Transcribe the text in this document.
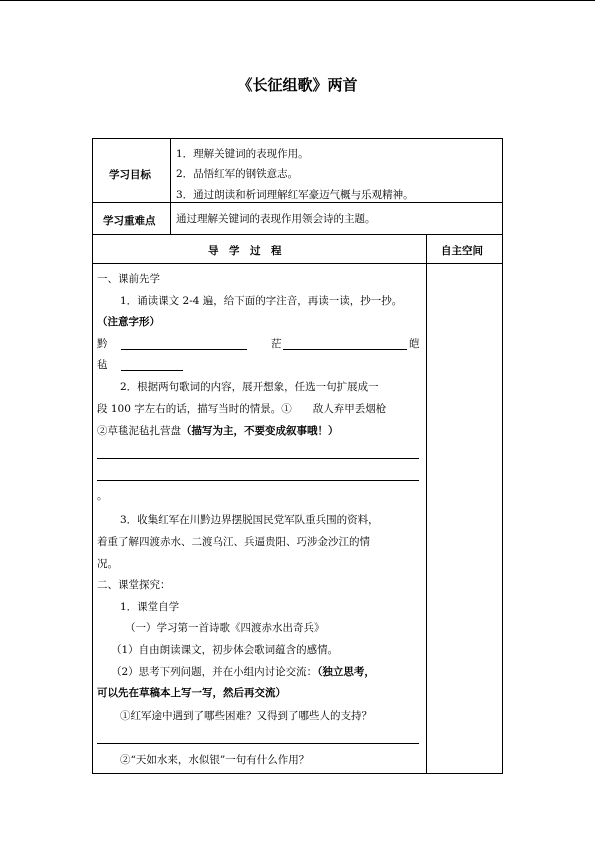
《长征组歌》两首
学习目标
1．理解关键词的表现作用。
2．品悟红军的钢铁意志。
3．通过朗读和析词理解红军豪迈气概与乐观精神。
学习重难点 通过理解关键词的表现作用领会诗的主题。
导　学　过　程	自主空间
一、课前先学
1．诵读课文 2-4 遍，给下面的字注音，再读一读，抄一抄。
（注意字形）
黔	茫	皑
毡
2．根据两句歌词的内容，展开想象，任选一句扩展成一
段 100 字左右的话，描写当时的情景。①　　敌人弃甲丢烟枪
②草毯泥毡扎营盘（描写为主，不要变成叙事哦！）
。
3．收集红军在川黔边界摆脱国民党军队重兵围的资料，
着重了解四渡赤水、二渡乌江、兵逼贵阳、巧涉金沙江的情
况。
二、课堂探究：
1．课堂自学
（一）学习第一首诗歌《四渡赤水出奇兵》
（1）自由朗读课文，初步体会歌词蕴含的感情。
（2）思考下列问题，并在小组内讨论交流：（独立思考，
可以先在草稿本上写一写，然后再交流）
①红军途中遇到了哪些困难？又得到了哪些人的支持？
②“天如水来，水似银”一句有什么作用？
